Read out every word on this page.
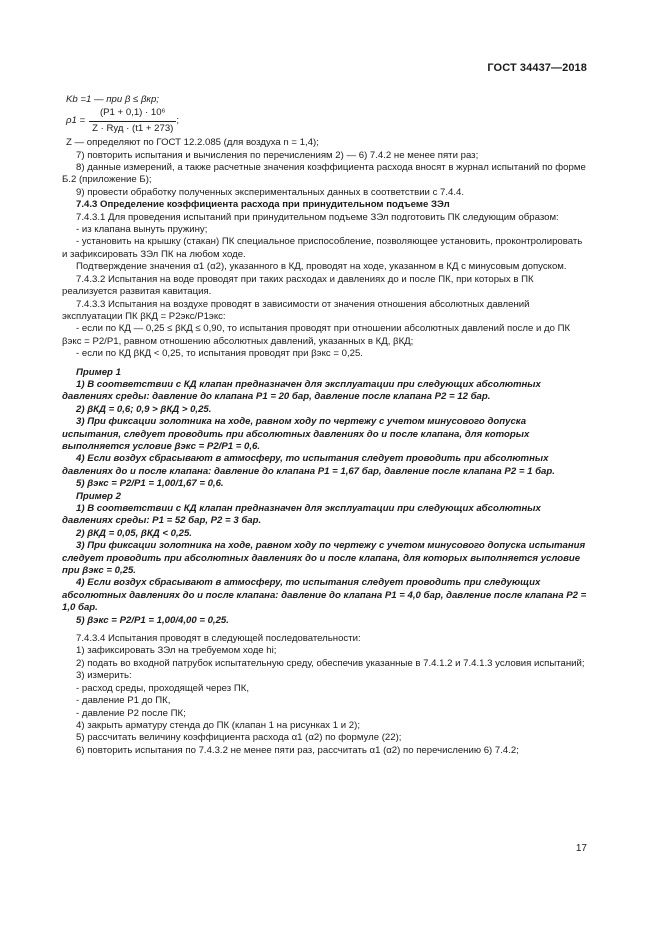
ГОСТ 34437—2018

Kb =1 — при β ≤ βкр;

$\rho 1 = \frac{\text{(P1 + 0,1) · 10⁶}}{\text{Z · Rуд · (t1 + 273)}}$ ;

Z — определяют по ГОСТ 12.2.085 (для воздуха n = 1,4);

7) повторить испытания и вычисления по перечислениям 2) — 6) 7.4.2 не менее пяти раз;

8) данные измерений, а также расчетные значения коэффициента расхода вносят в журнал испытаний по форме Б.2 (приложение Б);

9) провести обработку полученных экспериментальных данных в соответствии с 7.4.4.

7.4.3 Определение коэффициента расхода при принудительном подъеме ЗЭл

7.4.3.1 Для проведения испытаний при принудительном подъеме ЗЭл подготовить ПК следующим образом:

- из клапана вынуть пружину;

- установить на крышку (стакан) ПК специальное приспособление, позволяющее установить, проконтролировать и зафиксировать ЗЭл ПК на любом ходе.

Подтверждение значения α1 (α2), указанного в КД, проводят на ходе, указанном в КД с минусовым допуском.

7.4.3.2 Испытания на воде проводят при таких расходах и давлениях до и после ПК, при которых в ПК реализуется развитая кавитация.

7.4.3.3 Испытания на воздухе проводят в зависимости от значения отношения абсолютных давлений эксплуатации ПК βКД = P2экс/P1экс:

- если по КД — 0,25 ≤ βКД ≤ 0,90, то испытания проводят при отношении абсолютных давлений после и до ПК βэкс = P2/P1, равном отношению абсолютных давлений, указанных в КД, βКД;

- если по КД βКД < 0,25, то испытания проводят при βэкс = 0,25.

Пример 1

1) В соответствии с КД клапан предназначен для эксплуатации при следующих абсолютных давлениях среды: давление до клапана P1 = 20 бар, давление после клапана P2 = 12 бар.

2) βКД = 0,6; 0,9 > βКД > 0,25.

3) При фиксации золотника на ходе, равном ходу по чертежу с учетом минусового допуска испытания, следует проводить при абсолютных давлениях до и после клапана, для которых выполняется условие βэкс = P2/P1 = 0,6.

4) Если воздух сбрасывают в атмосферу, то испытания следует проводить при абсолютных давлениях до и после клапана: давление до клапана P1 = 1,67 бар, давление после клапана P2 = 1 бар.

5) βэкс = P2/P1 = 1,00/1,67 = 0,6.

Пример 2

1) В соответствии с КД клапан предназначен для эксплуатации при следующих абсолютных давлениях среды: P1 = 52 бар, P2 = 3 бар.

2) βКД = 0,05, βКД < 0,25.

3) При фиксации золотника на ходе, равном ходу по чертежу с учетом минусового допуска испытания следует проводить при абсолютных давлениях до и после клапана, для которых выполняется условие при βэкс = 0,25.

4) Если воздух сбрасывают в атмосферу, то испытания следует проводить при следующих абсолютных давлениях до и после клапана: давление до клапана P1 = 4,0 бар, давление после клапана P2 = 1,0 бар.

5) βэкс = P2/P1 = 1,00/4,00 = 0,25.

7.4.3.4 Испытания проводят в следующей последовательности:

1) зафиксировать ЗЭл на требуемом ходе hi;

2) подать во входной патрубок испытательную среду, обеспечив указанные в 7.4.1.2 и 7.4.1.3 условия испытаний;

3) измерить:

- расход среды, проходящей через ПК,

- давление P1 до ПК,

- давление P2 после ПК;

4) закрыть арматуру стенда до ПК (клапан 1 на рисунках 1 и 2);

5) рассчитать величину коэффициента расхода α1 (α2) по формуле (22);

6) повторить испытания по 7.4.3.2 не менее пяти раз, рассчитать α1 (α2) по перечислению 6) 7.4.2;

17
